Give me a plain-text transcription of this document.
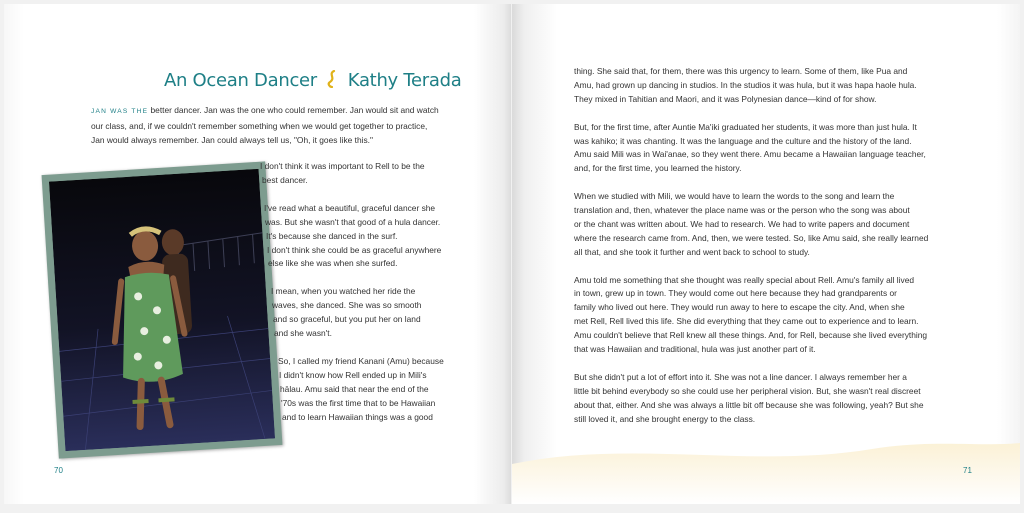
An Ocean Dancer Kathy Terada
JAN WAS THE better dancer. Jan was the one who could remember. Jan would sit and watch
our class, and, if we couldn't remember something when we would get together to practice,
Jan would always remember. Jan could always tell us, "Oh, it goes like this."
I don't think it was important to Rell to be the
best dancer.
I've read what a beautiful, graceful dancer she
was. But she wasn't that good of a hula dancer.
It's because she danced in the surf.
I don't think she could be as graceful anywhere
else like she was when she surfed.
I mean, when you watched her ride the
waves, she danced. She was so smooth
and so graceful, but you put her on land
and she wasn't.
So, I called my friend Kanani (Amu) because
I didn't know how Rell ended up in Mili's
hālau. Amu said that near the end of the
'70s was the first time that to be Hawaiian
and to learn Hawaiian things was a good
70
thing. She said that, for them, there was this urgency to learn. Some of them, like Pua and
Amu, had grown up dancing in studios. In the studios it was hula, but it was hapa haole hula.
They mixed in Tahitian and Maori, and it was Polynesian dance—kind of for show.
But, for the first time, after Auntie Ma'iki graduated her students, it was more than just hula. It
was kahiko; it was chanting. It was the language and the culture and the history of the land.
Amu said Mili was in Wai'anae, so they went there. Amu became a Hawaiian language teacher,
and, for the first time, you learned the history.
When we studied with Mili, we would have to learn the words to the song and learn the
translation and, then, whatever the place name was or the person who the song was about
or the chant was written about. We had to research. We had to write papers and document
where the research came from. And, then, we were tested. So, like Amu said, she really learned
all that, and she took it further and went back to school to study.
Amu told me something that she thought was really special about Rell. Amu's family all lived
in town, grew up in town. They would come out here because they had grandparents or
family who lived out here. They would run away to here to escape the city. And, when she
met Rell, Rell lived this life. She did everything that they came out to experience and to learn.
Amu couldn't believe that Rell knew all these things. And, for Rell, because she lived everything
that was Hawaiian and traditional, hula was just another part of it.
But she didn't put a lot of effort into it. She was not a line dancer. I always remember her a
little bit behind everybody so she could use her peripheral vision. But, she wasn't real discreet
about that, either. And she was always a little bit off because she was following, yeah? But she
still loved it, and she brought energy to the class.
71
